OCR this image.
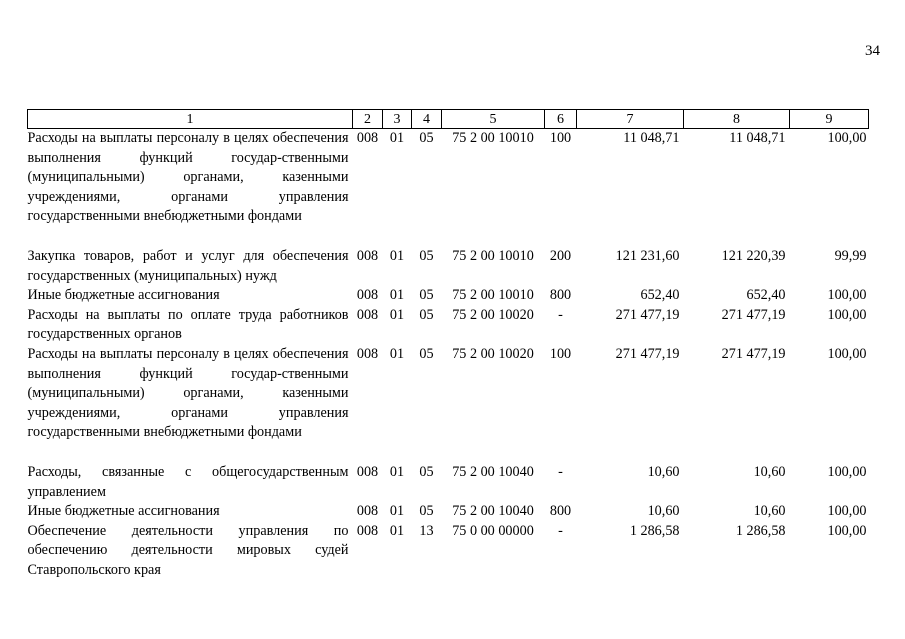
34
1	2	3	4	5	6	7	8	9
Расходы на выплаты персоналу в целях обеспечения выполнения функций государ-ственными (муниципальными) органами, казенными учреждениями, органами управления государственными внебюджетными фондами	008	01	05	75 2 00 10010	100	11 048,71	11 048,71	100,00

Закупка товаров, работ и услуг для обеспечения государственных (муниципальных) нужд	008	01	05	75 2 00 10010	200	121 231,60	121 220,39	99,99
Иные бюджетные ассигнования	008	01	05	75 2 00 10010	800	652,40	652,40	100,00
Расходы на выплаты по оплате труда работников государственных органов	008	01	05	75 2 00 10020	-	271 477,19	271 477,19	100,00
Расходы на выплаты персоналу в целях обеспечения выполнения функций государ-ственными (муниципальными) органами, казенными учреждениями, органами управления государственными внебюджетными фондами	008	01	05	75 2 00 10020	100	271 477,19	271 477,19	100,00

Расходы, связанные с общегосударственным управлением	008	01	05	75 2 00 10040	-	10,60	10,60	100,00
Иные бюджетные ассигнования	008	01	05	75 2 00 10040	800	10,60	10,60	100,00
Обеспечение деятельности управления по обеспечению деятельности мировых судей Ставропольского края	008	01	13	75 0 00 00000	-	1 286,58	1 286,58	100,00
